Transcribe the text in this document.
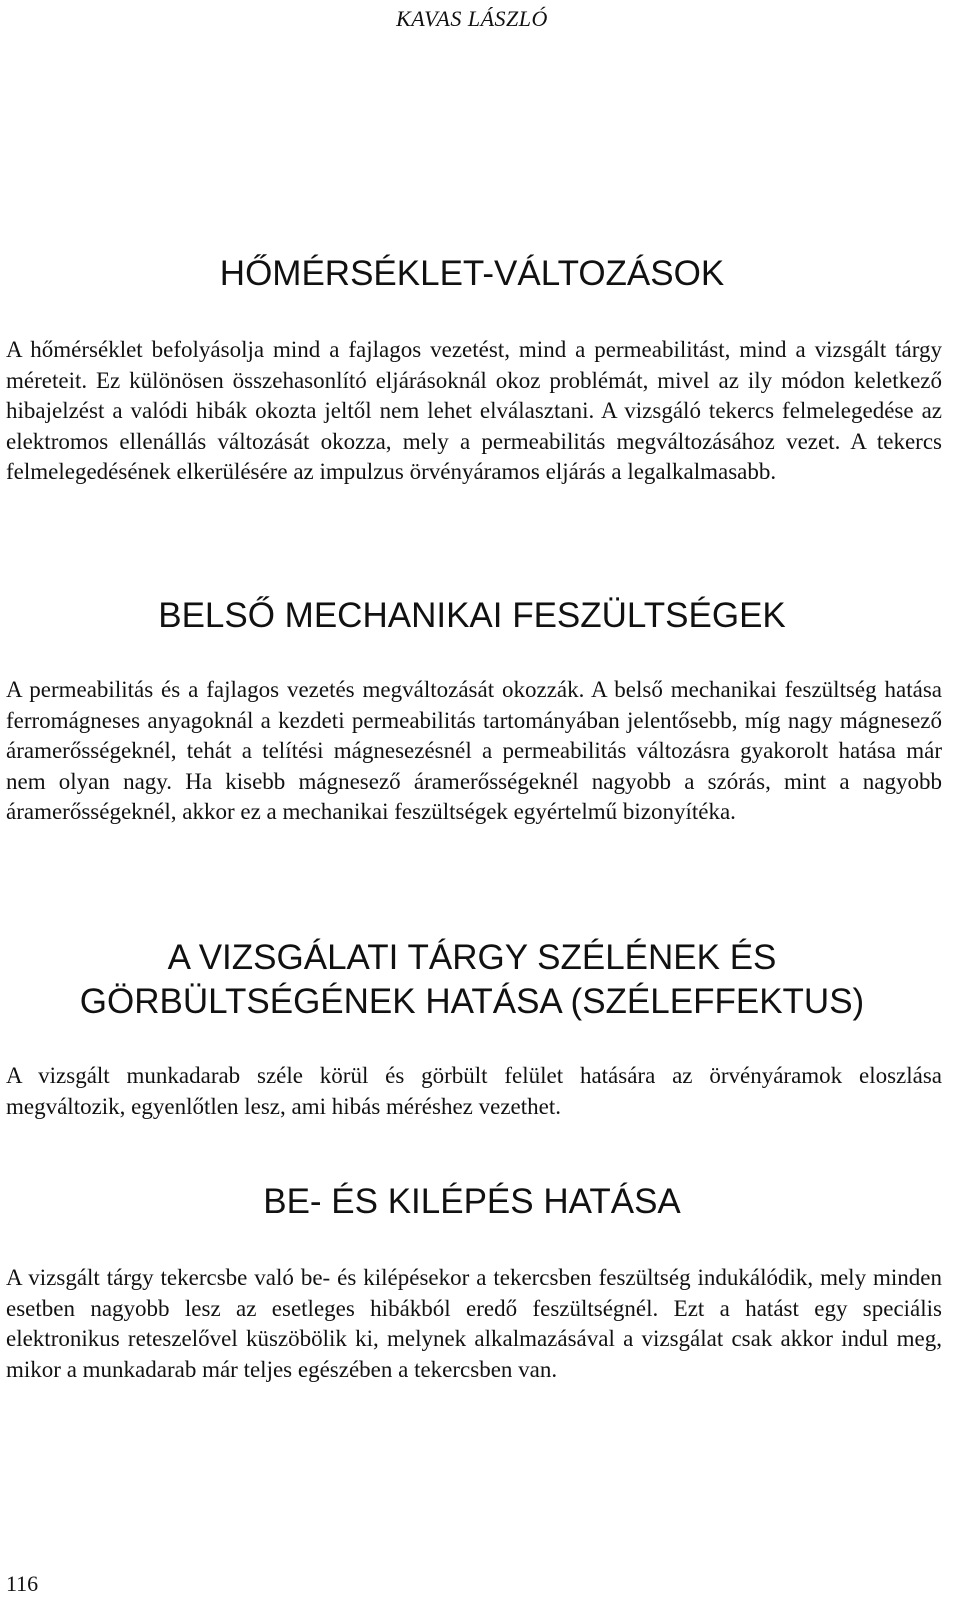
KAVAS LÁSZLÓ
HŐMÉRSÉKLET-VÁLTOZÁSOK

A hőmérséklet befolyásolja mind a fajlagos vezetést, mind a permeabilitást, mind a vizsgált tárgy méreteit. Ez különösen összehasonlító eljárásoknál okoz problémát, mivel az ily módon keletkező hibajelzést a valódi hibák okozta jeltől nem lehet elválasztani. A vizsgáló tekercs felmelegedése az elektromos ellenállás változását okozza, mely a permeabilitás megváltozásához vezet. A tekercs felmelegedésének elkerülésére az impulzus örvényáramos eljárás a legalkalmasabb.

BELSŐ MECHANIKAI FESZÜLTSÉGEK

A permeabilitás és a fajlagos vezetés megváltozását okozzák. A belső mechanikai feszültség hatása ferromágneses anyagoknál a kezdeti permeabilitás tartományában jelentősebb, míg nagy mágnesező áramerősségeknél, tehát a telítési mágnesezésnél a permeabilitás változásra gyakorolt hatása már nem olyan nagy. Ha kisebb mágnesező áramerősségeknél nagyobb a szórás, mint a nagyobb áramerősségeknél, akkor ez a mechanikai feszültségek egyértelmű bizonyítéka.

A VIZSGÁLATI TÁRGY SZÉLÉNEK ÉS
GÖRBÜLTSÉGÉNEK HATÁSA (SZÉLEFFEKTUS)

A vizsgált munkadarab széle körül és görbült felület hatására az örvényáramok eloszlása megváltozik, egyenlőtlen lesz, ami hibás méréshez vezethet.

BE- ÉS KILÉPÉS HATÁSA

A vizsgált tárgy tekercsbe való be- és kilépésekor a tekercsben feszültség indukálódik, mely minden esetben nagyobb lesz az esetleges hibákból eredő feszültségnél. Ezt a hatást egy speciális elektronikus reteszelővel küszöbölik ki, melynek alkalmazásával a vizsgálat csak akkor indul meg, mikor a munkadarab már teljes egészében a tekercsben van.

116
